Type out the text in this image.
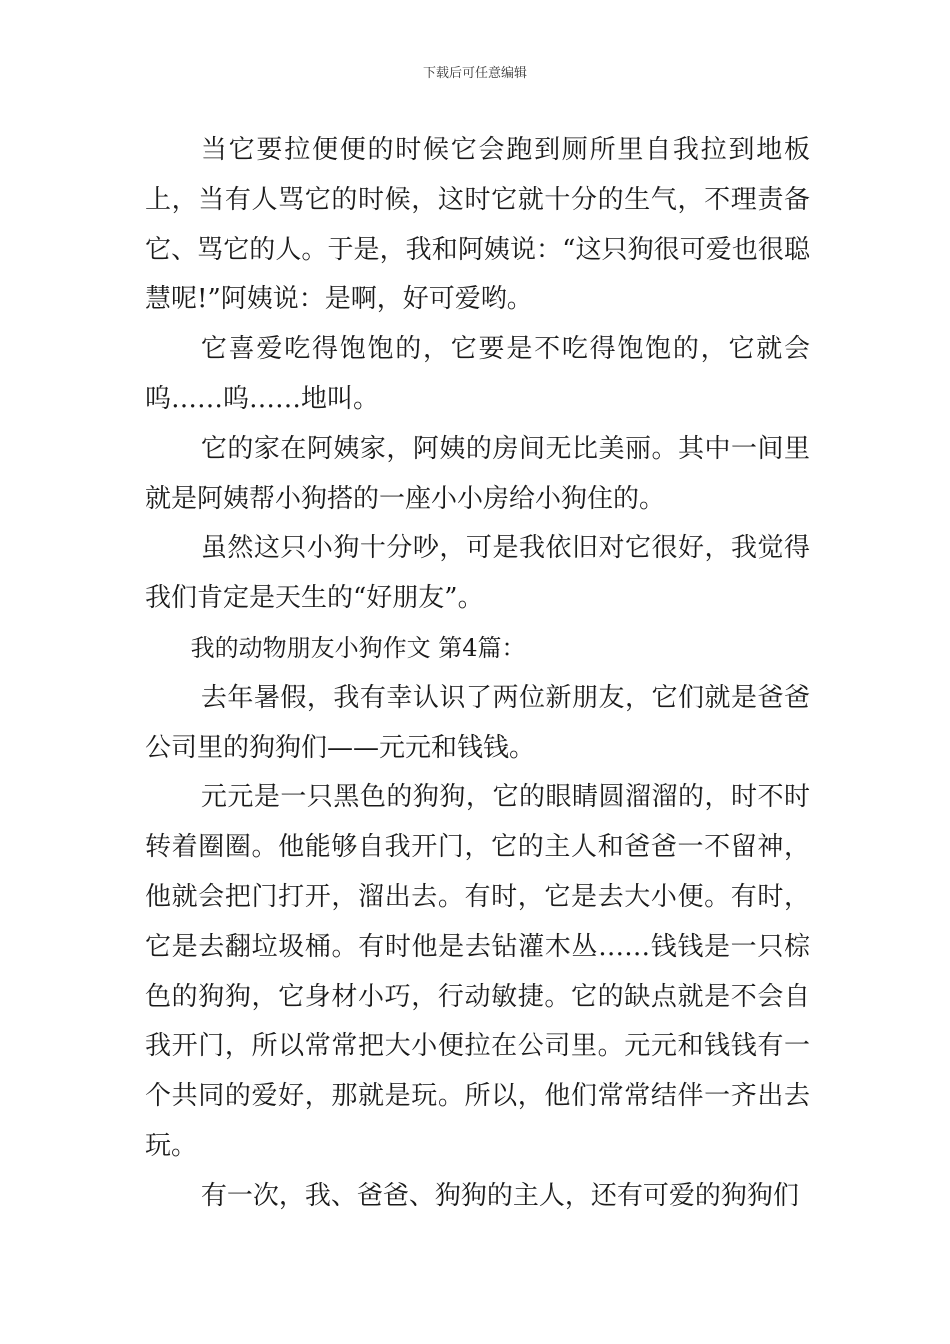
下载后可任意编辑

当它要拉便便的时候它会跑到厕所里自我拉到地板上，当有人骂它的时候，这时它就十分的生气，不理责备它、骂它的人。于是，我和阿姨说：“这只狗很可爱也很聪慧呢!”阿姨说：是啊，好可爱哟。

它喜爱吃得饱饱的，它要是不吃得饱饱的，它就会呜……呜……地叫。

它的家在阿姨家，阿姨的房间无比美丽。其中一间里就是阿姨帮小狗搭的一座小小房给小狗住的。

虽然这只小狗十分吵，可是我依旧对它很好，我觉得我们肯定是天生的“好朋友”。

我的动物朋友小狗作文 第4篇：

去年暑假，我有幸认识了两位新朋友，它们就是爸爸公司里的狗狗们——元元和钱钱。

元元是一只黑色的狗狗，它的眼睛圆溜溜的，时不时转着圈圈。他能够自我开门，它的主人和爸爸一不留神，他就会把门打开，溜出去。有时，它是去大小便。有时，它是去翻垃圾桶。有时他是去钻灌木丛……钱钱是一只棕色的狗狗，它身材小巧，行动敏捷。它的缺点就是不会自我开门，所以常常把大小便拉在公司里。元元和钱钱有一个共同的爱好，那就是玩。所以，他们常常结伴一齐出去玩。

有一次，我、爸爸、狗狗的主人，还有可爱的狗狗们
